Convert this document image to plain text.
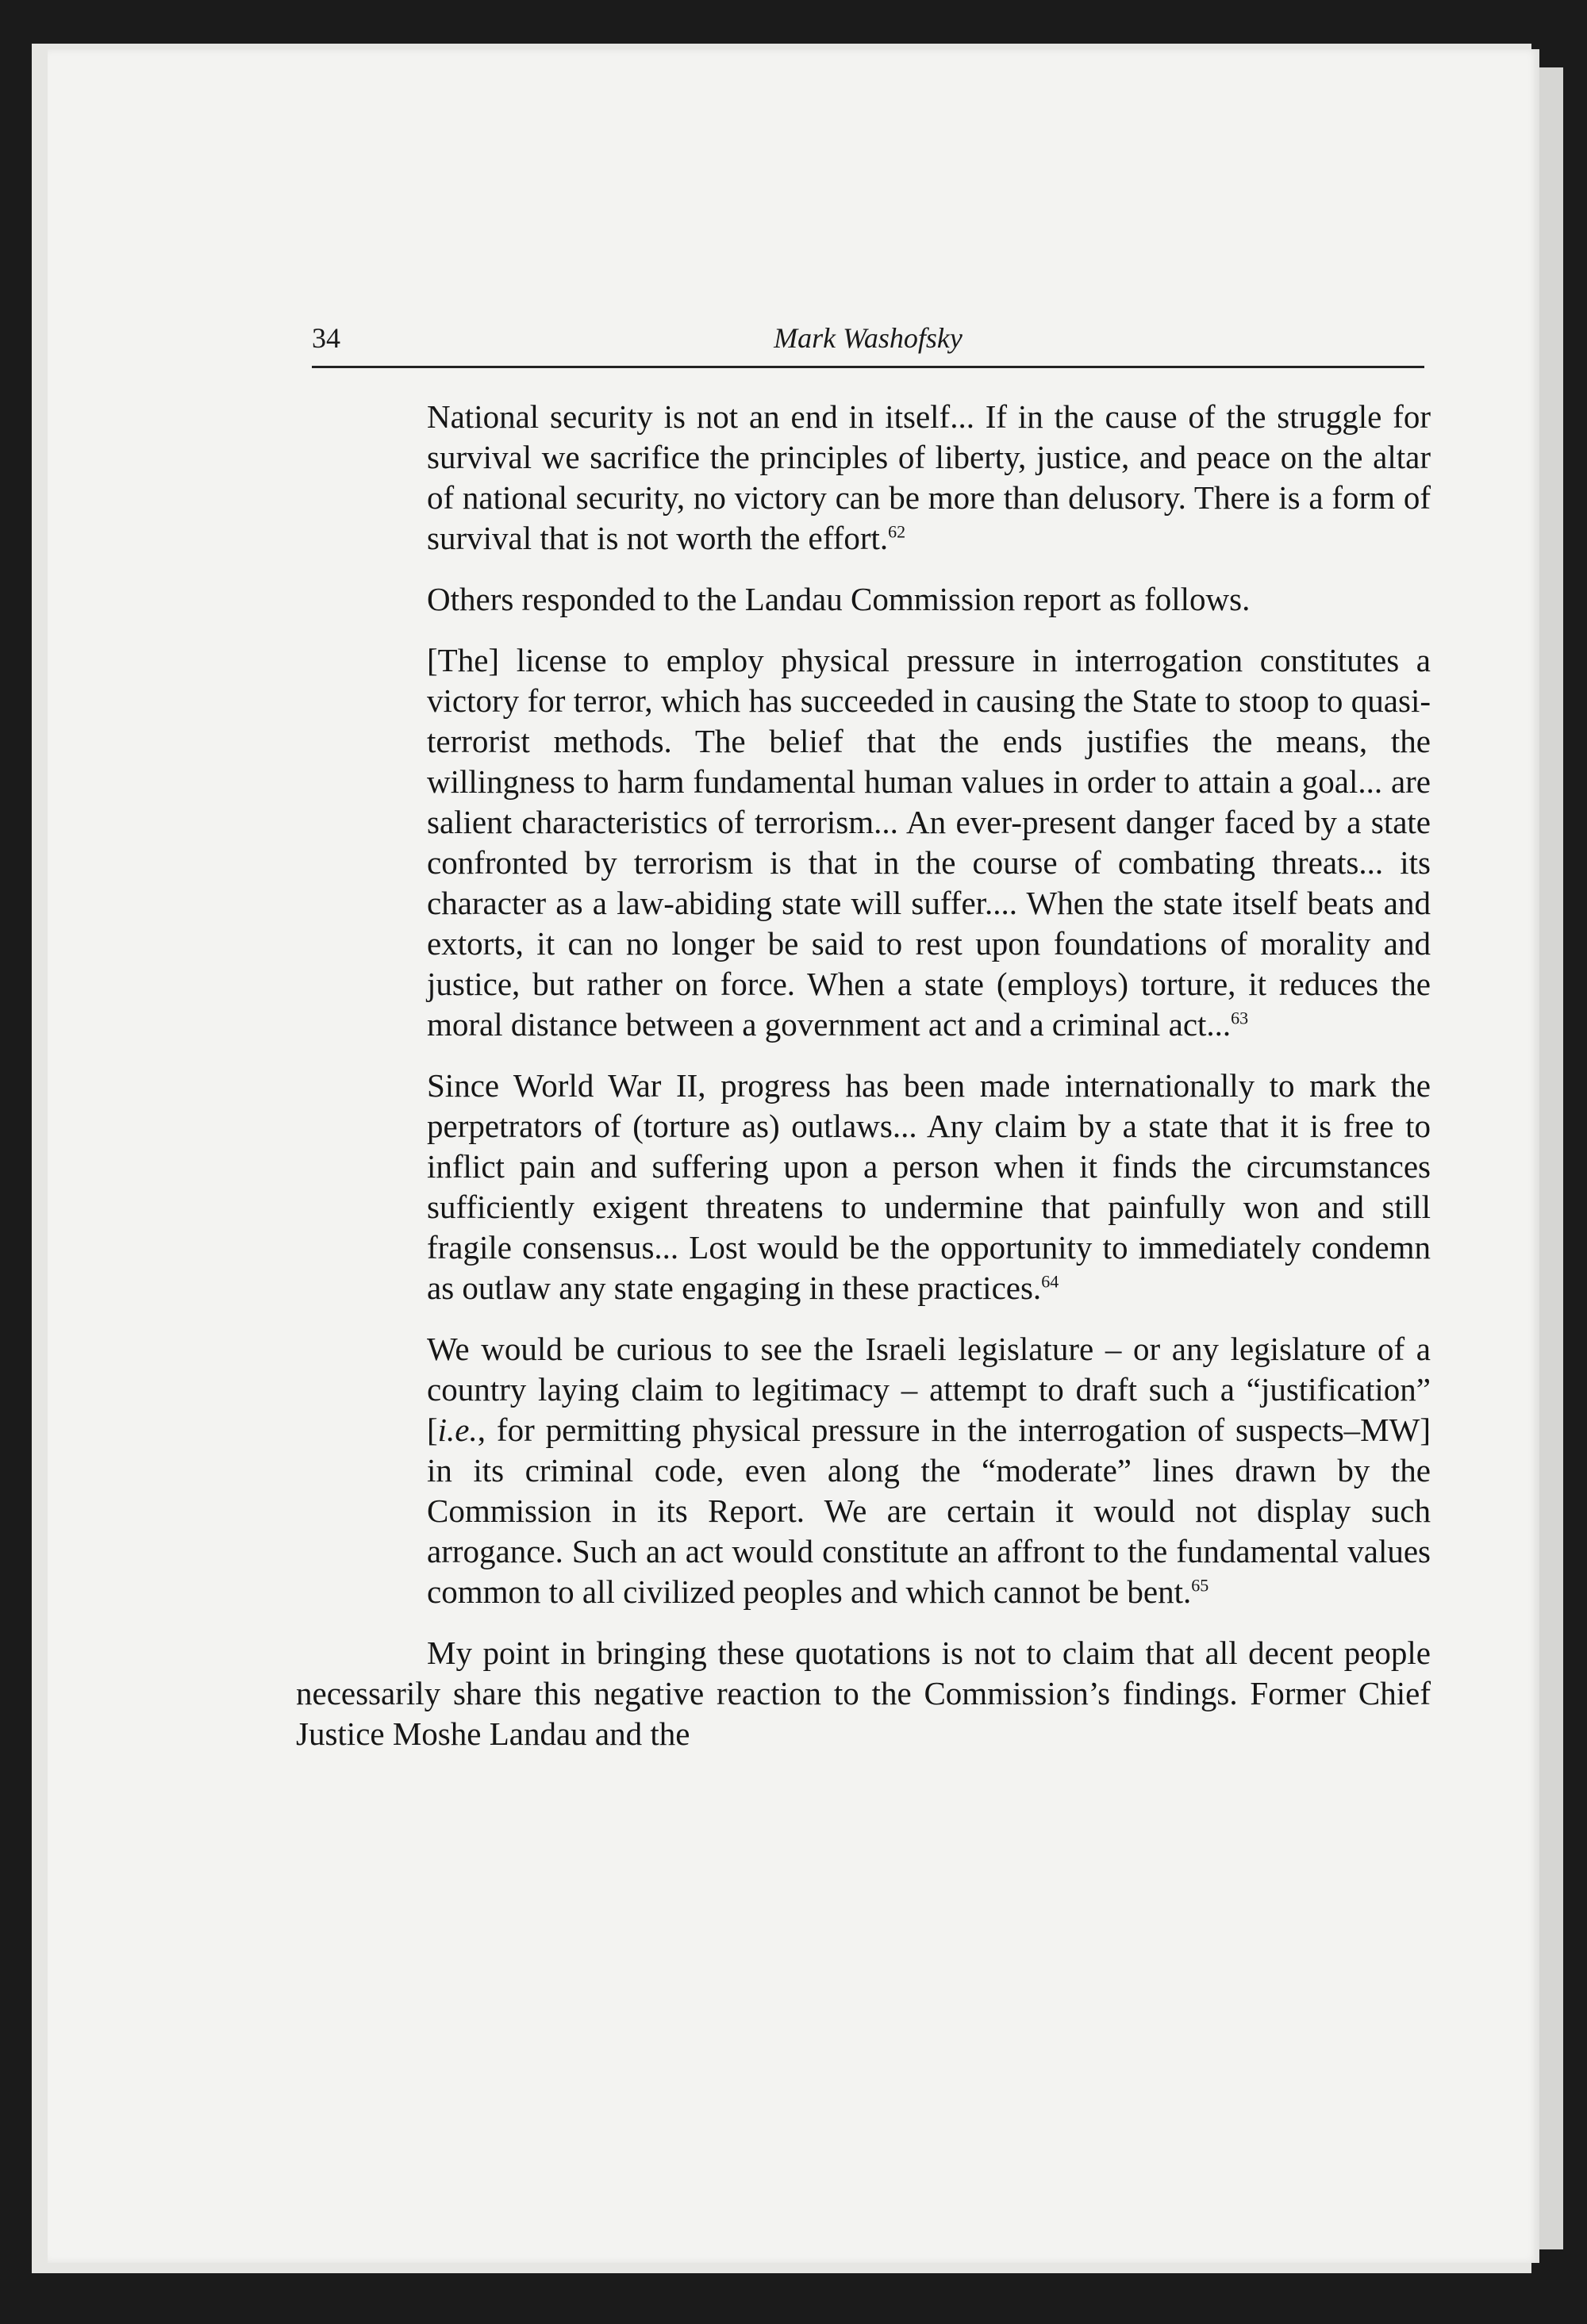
34	Mark Washofsky

National security is not an end in itself... If in the cause of the struggle for survival we sacrifice the principles of liberty, justice, and peace on the altar of national security, no victory can be more than delusory. There is a form of survival that is not worth the effort.$^{62}$

Others responded to the Landau Commission report as follows.

[The] license to employ physical pressure in interrogation constitutes a victory for terror, which has succeeded in causing the State to stoop to quasi-terrorist methods. The belief that the ends justifies the means, the willingness to harm fundamental human values in order to attain a goal... are salient characteristics of terrorism... An ever-present danger faced by a state confronted by terrorism is that in the course of combating threats... its character as a law-abiding state will suffer.... When the state itself beats and extorts, it can no longer be said to rest upon foundations of morality and justice, but rather on force. When a state (employs) torture, it reduces the moral distance between a government act and a criminal act...$^{63}$

Since World War II, progress has been made internationally to mark the perpetrators of (torture as) outlaws... Any claim by a state that it is free to inflict pain and suffering upon a person when it finds the circumstances sufficiently exigent threatens to undermine that painfully won and still fragile consensus... Lost would be the opportunity to immediately condemn as outlaw any state engaging in these practices.$^{64}$

We would be curious to see the Israeli legislature – or any legislature of a country laying claim to legitimacy – attempt to draft such a “justification” [i.e., for permitting physical pressure in the interrogation of suspects–MW] in its criminal code, even along the “moderate” lines drawn by the Commission in its Report. We are certain it would not display such arrogance. Such an act would constitute an affront to the fundamental values common to all civilized peoples and which cannot be bent.$^{65}$

My point in bringing these quotations is not to claim that all decent people necessarily share this negative reaction to the Commission’s findings. Former Chief Justice Moshe Landau and the
